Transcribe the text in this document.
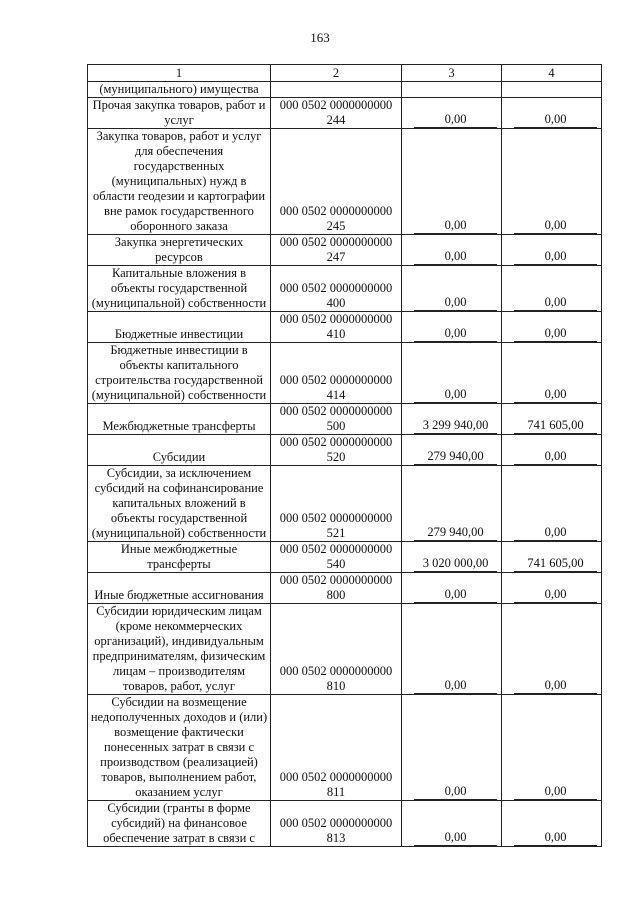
163
1	2	3	4
(муниципального) имущества		

Прочая закупка товаров, работ и услуг	000 0502 0000000000 244	0,00	0,00

Закупка товаров, работ и услуг для обеспечения государственных (муниципальных) нужд в области геодезии и картографии вне рамок государственного оборонного заказа	000 0502 0000000000 245	0,00	0,00

Закупка энергетических ресурсов	000 0502 0000000000 247	0,00	0,00

Капитальные вложения в объекты государственной (муниципальной) собственности	000 0502 0000000000 400	0,00	0,00

Бюджетные инвестиции	000 0502 0000000000 410	0,00	0,00

Бюджетные инвестиции в объекты капитального строительства государственной (муниципальной) собственности	000 0502 0000000000 414	0,00	0,00

Межбюджетные трансферты	000 0502 0000000000 500	3 299 940,00	741 605,00

Субсидии	000 0502 0000000000 520	279 940,00	0,00

Субсидии, за исключением субсидий на софинансирование капитальных вложений в объекты государственной (муниципальной) собственности	000 0502 0000000000 521	279 940,00	0,00

Иные межбюджетные трансферты	000 0502 0000000000 540	3 020 000,00	741 605,00

Иные бюджетные ассигнования	000 0502 0000000000 800	0,00	0,00

Субсидии юридическим лицам (кроме некоммерческих организаций), индивидуальным предпринимателям, физическим лицам – производителям товаров, работ, услуг	000 0502 0000000000 810	0,00	0,00

Субсидии на возмещение недополученных доходов и (или) возмещение фактически понесенных затрат в связи с производством (реализацией) товаров, выполнением работ, оказанием услуг	000 0502 0000000000 811	0,00	0,00

Субсидии (гранты в форме субсидий) на финансовое обеспечение затрат в связи с	000 0502 0000000000 813	0,00	0,00
